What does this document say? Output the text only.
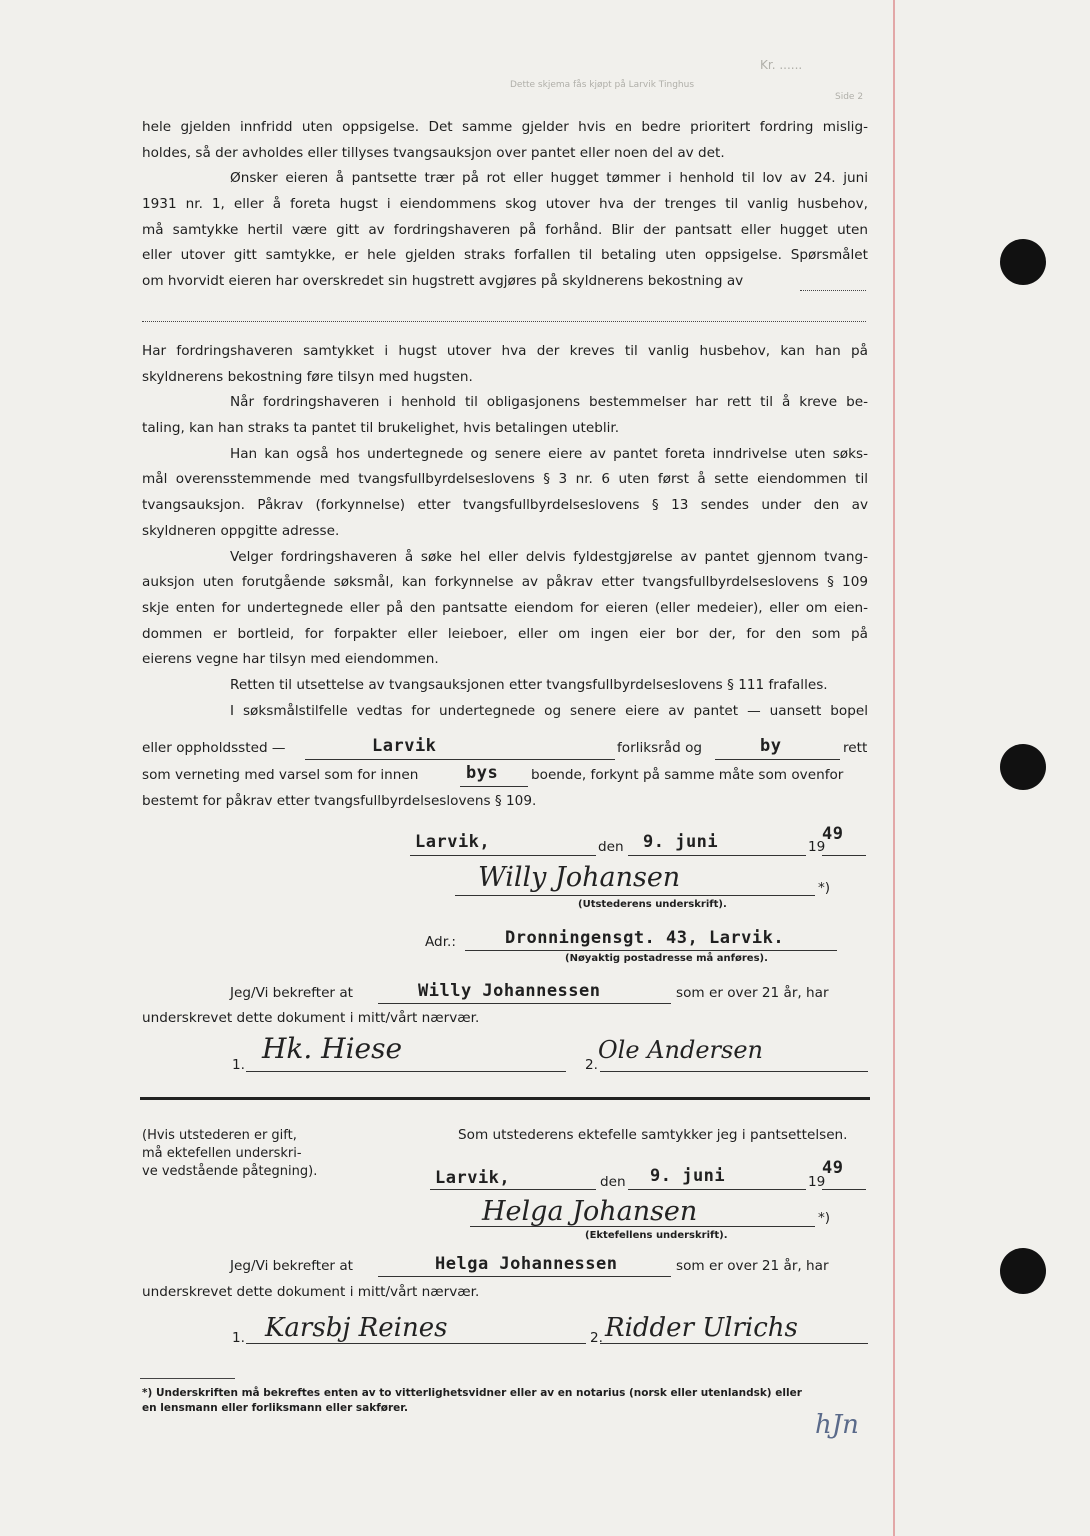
Dette skjema fås kjøpt på Larvik Tinghus
Side 2
Kr. ......
hele gjelden innfridd uten oppsigelse. Det samme gjelder hvis en bedre prioritert fordring mislig-
holdes, så der avholdes eller tillyses tvangsauksjon over pantet eller noen del av det.
Ønsker eieren å pantsette trær på rot eller hugget tømmer i henhold til lov av 24. juni
1931 nr. 1, eller å foreta hugst i eiendommens skog utover hva der trenges til vanlig husbehov,
må samtykke hertil være gitt av fordringshaveren på forhånd. Blir der pantsatt eller hugget uten
eller utover gitt samtykke, er hele gjelden straks forfallen til betaling uten oppsigelse. Spørsmålet
om hvorvidt eieren har overskredet sin hugstrett avgjøres på skyldnerens bekostning av
Har fordringshaveren samtykket i hugst utover hva der kreves til vanlig husbehov, kan han på
skyldnerens bekostning føre tilsyn med hugsten.
Når fordringshaveren i henhold til obligasjonens bestemmelser har rett til å kreve be-
taling, kan han straks ta pantet til brukelighet, hvis betalingen uteblir.
Han kan også hos undertegnede og senere eiere av pantet foreta inndrivelse uten søks-
mål overensstemmende med tvangsfullbyrdelseslovens § 3 nr. 6 uten først å sette eiendommen til
tvangsauksjon. Påkrav (forkynnelse) etter tvangsfullbyrdelseslovens § 13 sendes under den av
skyldneren oppgitte adresse.
Velger fordringshaveren å søke hel eller delvis fyldestgjørelse av pantet gjennom tvang-
auksjon uten forutgående søksmål, kan forkynnelse av påkrav etter tvangsfullbyrdelseslovens § 109
skje enten for undertegnede eller på den pantsatte eiendom for eieren (eller medeier), eller om eien-
dommen er bortleid, for forpakter eller leieboer, eller om ingen eier bor der, for den som på
eierens vegne har tilsyn med eiendommen.
Retten til utsettelse av tvangsauksjonen etter tvangsfullbyrdelseslovens § 111 frafalles.
I søksmålstilfelle vedtas for undertegnede og senere eiere av pantet — uansett bopel
eller oppholdssted —	Larvik	forliksråd og	by	rett
som verneting med varsel som for innen	bys boende, forkynt på samme måte som ovenfor
bestemt for påkrav etter tvangsfullbyrdelseslovens § 109.
Larvik,	den 9. juni	19
49
Willy Johansen	*)
(Utstederens underskrift).
Adr.:	Dronningensgt. 43, Larvik.
(Nøyaktig postadresse må anføres).
Jeg/Vi bekrefter at	Willy Johannessen	som er over 21 år, har
underskrevet dette dokument i mitt/vårt nærvær.
1. Hk. Hiese	2.
Ole Andersen
(Hvis utstederen er gift,
må ektefellen underskri-
ve vedstående påtegning).
Som utstederens ektefelle samtykker jeg i pantsettelsen.
Larvik,	den 9. juni	19
49
Helga Johansen	*)
(Ektefellens underskrift).
Jeg/Vi bekrefter at	Helga Johannessen	som er over 21 år, har
underskrevet dette dokument i mitt/vårt nærvær.
1. Karsbj Reines	2. Ridder Ulrichs
*) Underskriften må bekreftes enten av to vitterlighetsvidner eller av en notarius (norsk eller utenlandsk) eller
en lensmann eller forliksmann eller sakfører.
hJn
